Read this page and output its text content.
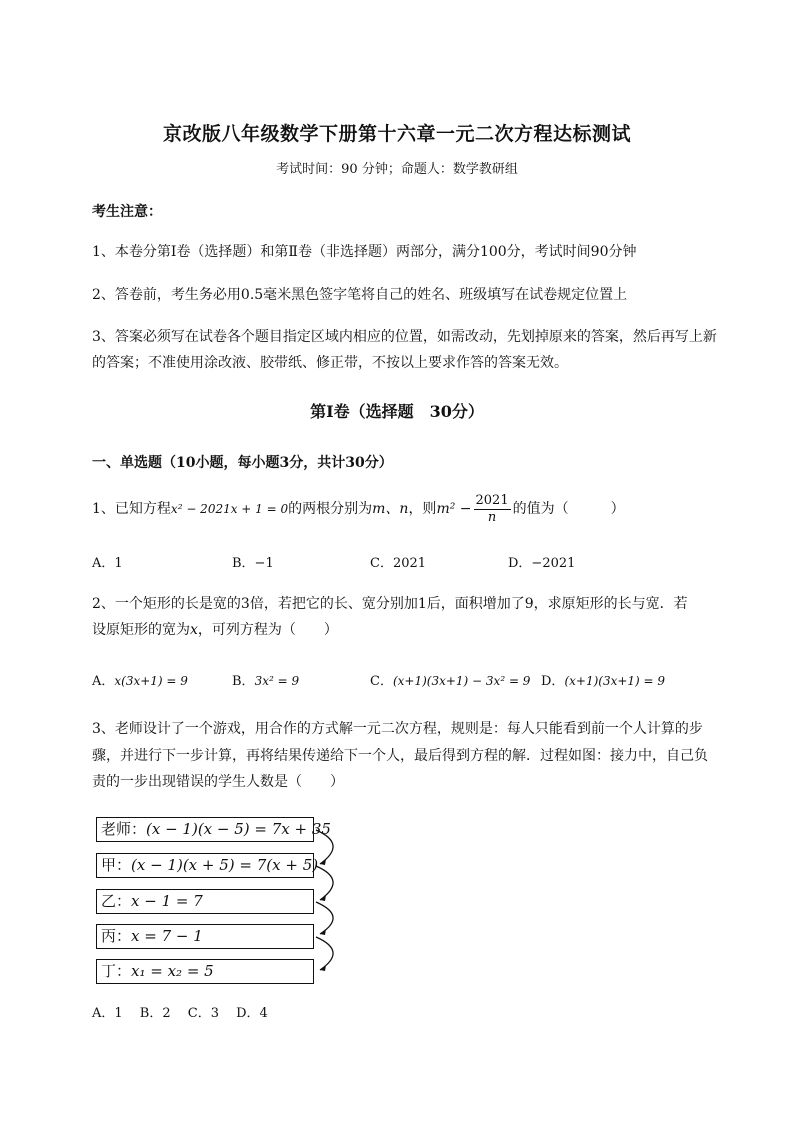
京改版八年级数学下册第十六章一元二次方程达标测试
考试时间：90 分钟；命题人：数学教研组
考生注意：
1、本卷分第Ⅰ卷（选择题）和第Ⅱ卷（非选择题）两部分，满分100分，考试时间90分钟
2、答卷前，考生务必用0.5毫米黑色签字笔将自己的姓名、班级填写在试卷规定位置上
3、答案必须写在试卷各个题目指定区域内相应的位置，如需改动，先划掉原来的答案，然后再写上新
的答案；不准使用涂改液、胶带纸、修正带，不按以上要求作答的答案无效。
第Ⅰ卷（选择题　30分）
一、单选题（10小题，每小题3分，共计30分）
1、已知方程x² − 2021x + 1 = 0的两根分别为m、n，则$m^2 - \frac{2021}{n}$ 的值为（　　　）
A．1	B．−1	C．2021	D．−2021
2、一个矩形的长是宽的3倍，若把它的长、宽分别加1后，面积增加了9，求原矩形的长与宽．若
设原矩形的宽为x，可列方程为（　　）
A．x(3x+1) = 9	B．3x² = 9	C．(x+1)(3x+1) − 3x² = 9 D．(x+1)(3x+1) = 9
3、老师设计了一个游戏，用合作的方式解一元二次方程，规则是：每人只能看到前一个人计算的步
骤，并进行下一步计算，再将结果传递给下一个人，最后得到方程的解．过程如图：接力中，自己负
责的一步出现错误的学生人数是（　　）
老师：(x − 1)(x − 5) = 7x + 35
甲：(x − 1)(x + 5) = 7(x + 5)
乙：x − 1 = 7
丙：x = 7 − 1
丁：x₁ = x₂ = 5
A．1　 B．2　 C．3　 D．4
